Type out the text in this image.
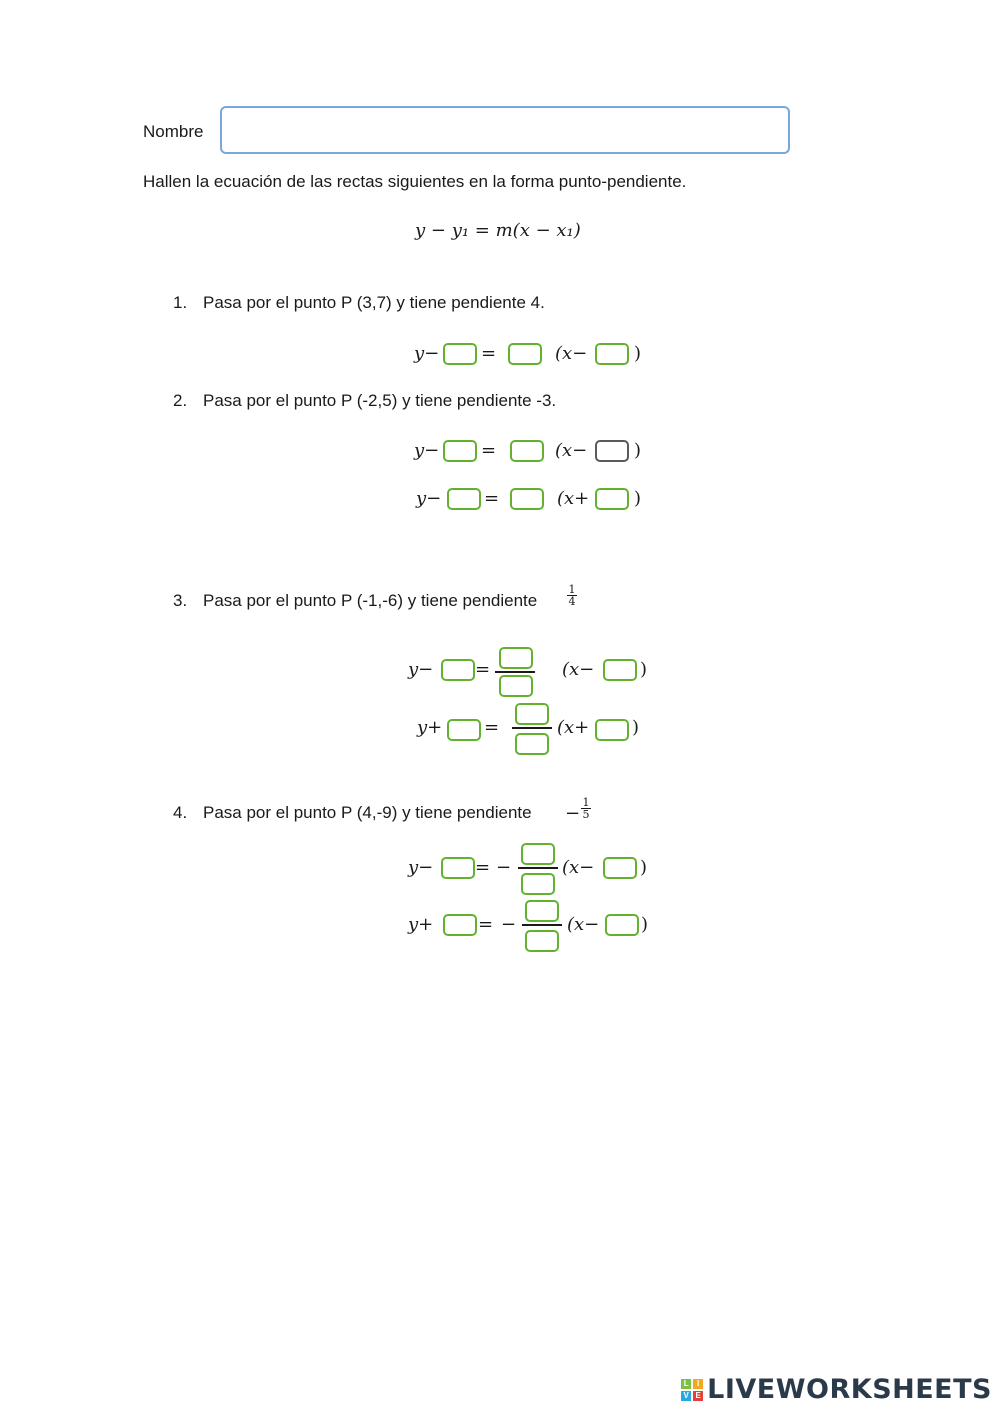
Nombre
Hallen la ecuación de las rectas siguientes en la forma punto-pendiente.
y − y₁ = m(x − x₁)
1. Pasa por el punto P (3,7) y tiene pendiente 4.
y− =	(x−	)
2. Pasa por el punto P (-2,5) y tiene pendiente -3.
y− =	(x−	)
y− =	(x+ )
3. Pasa por el punto P (-1,-6) y tiene pendiente	$\frac{1}{4}$
y− =	(x−	)
y+ =	(x+ )
4. Pasa por el punto P (4,-9) y tiene pendiente − $\frac{1}{5}$
y− = −	(x−	)
y+ = −	(x− )
L	I
V E LIVEWORKSHEETS
